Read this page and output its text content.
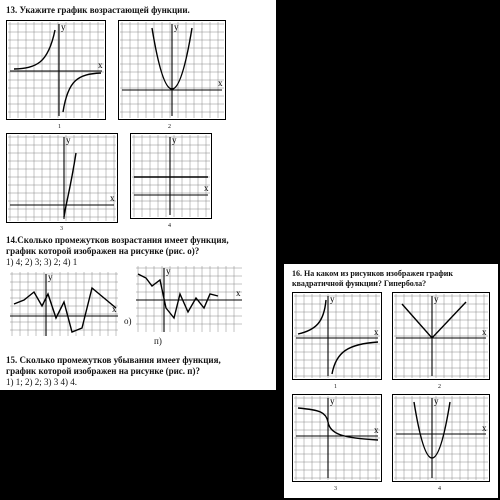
13. Укажите график возрастающей функции.
y
x
1
y
x
2
y
x
3
y
x
4
14.Сколько промежутков возрастания имеет функция,
график которой изображен на рисунке (рис. о)?
1) 4; 2) 3; 3) 2; 4) 1
y
x
о)
y
x
п)
15. Сколько промежутков убывания имеет функция,
график которой изображен на рисунке (рис. п)?
1) 1; 2) 2; 3) 3 4) 4.
16. На каком из рисунков изображен график
квадратичной функции? Гипербола?
y
x
1
y
x
2
y
x
3
y
x
4
